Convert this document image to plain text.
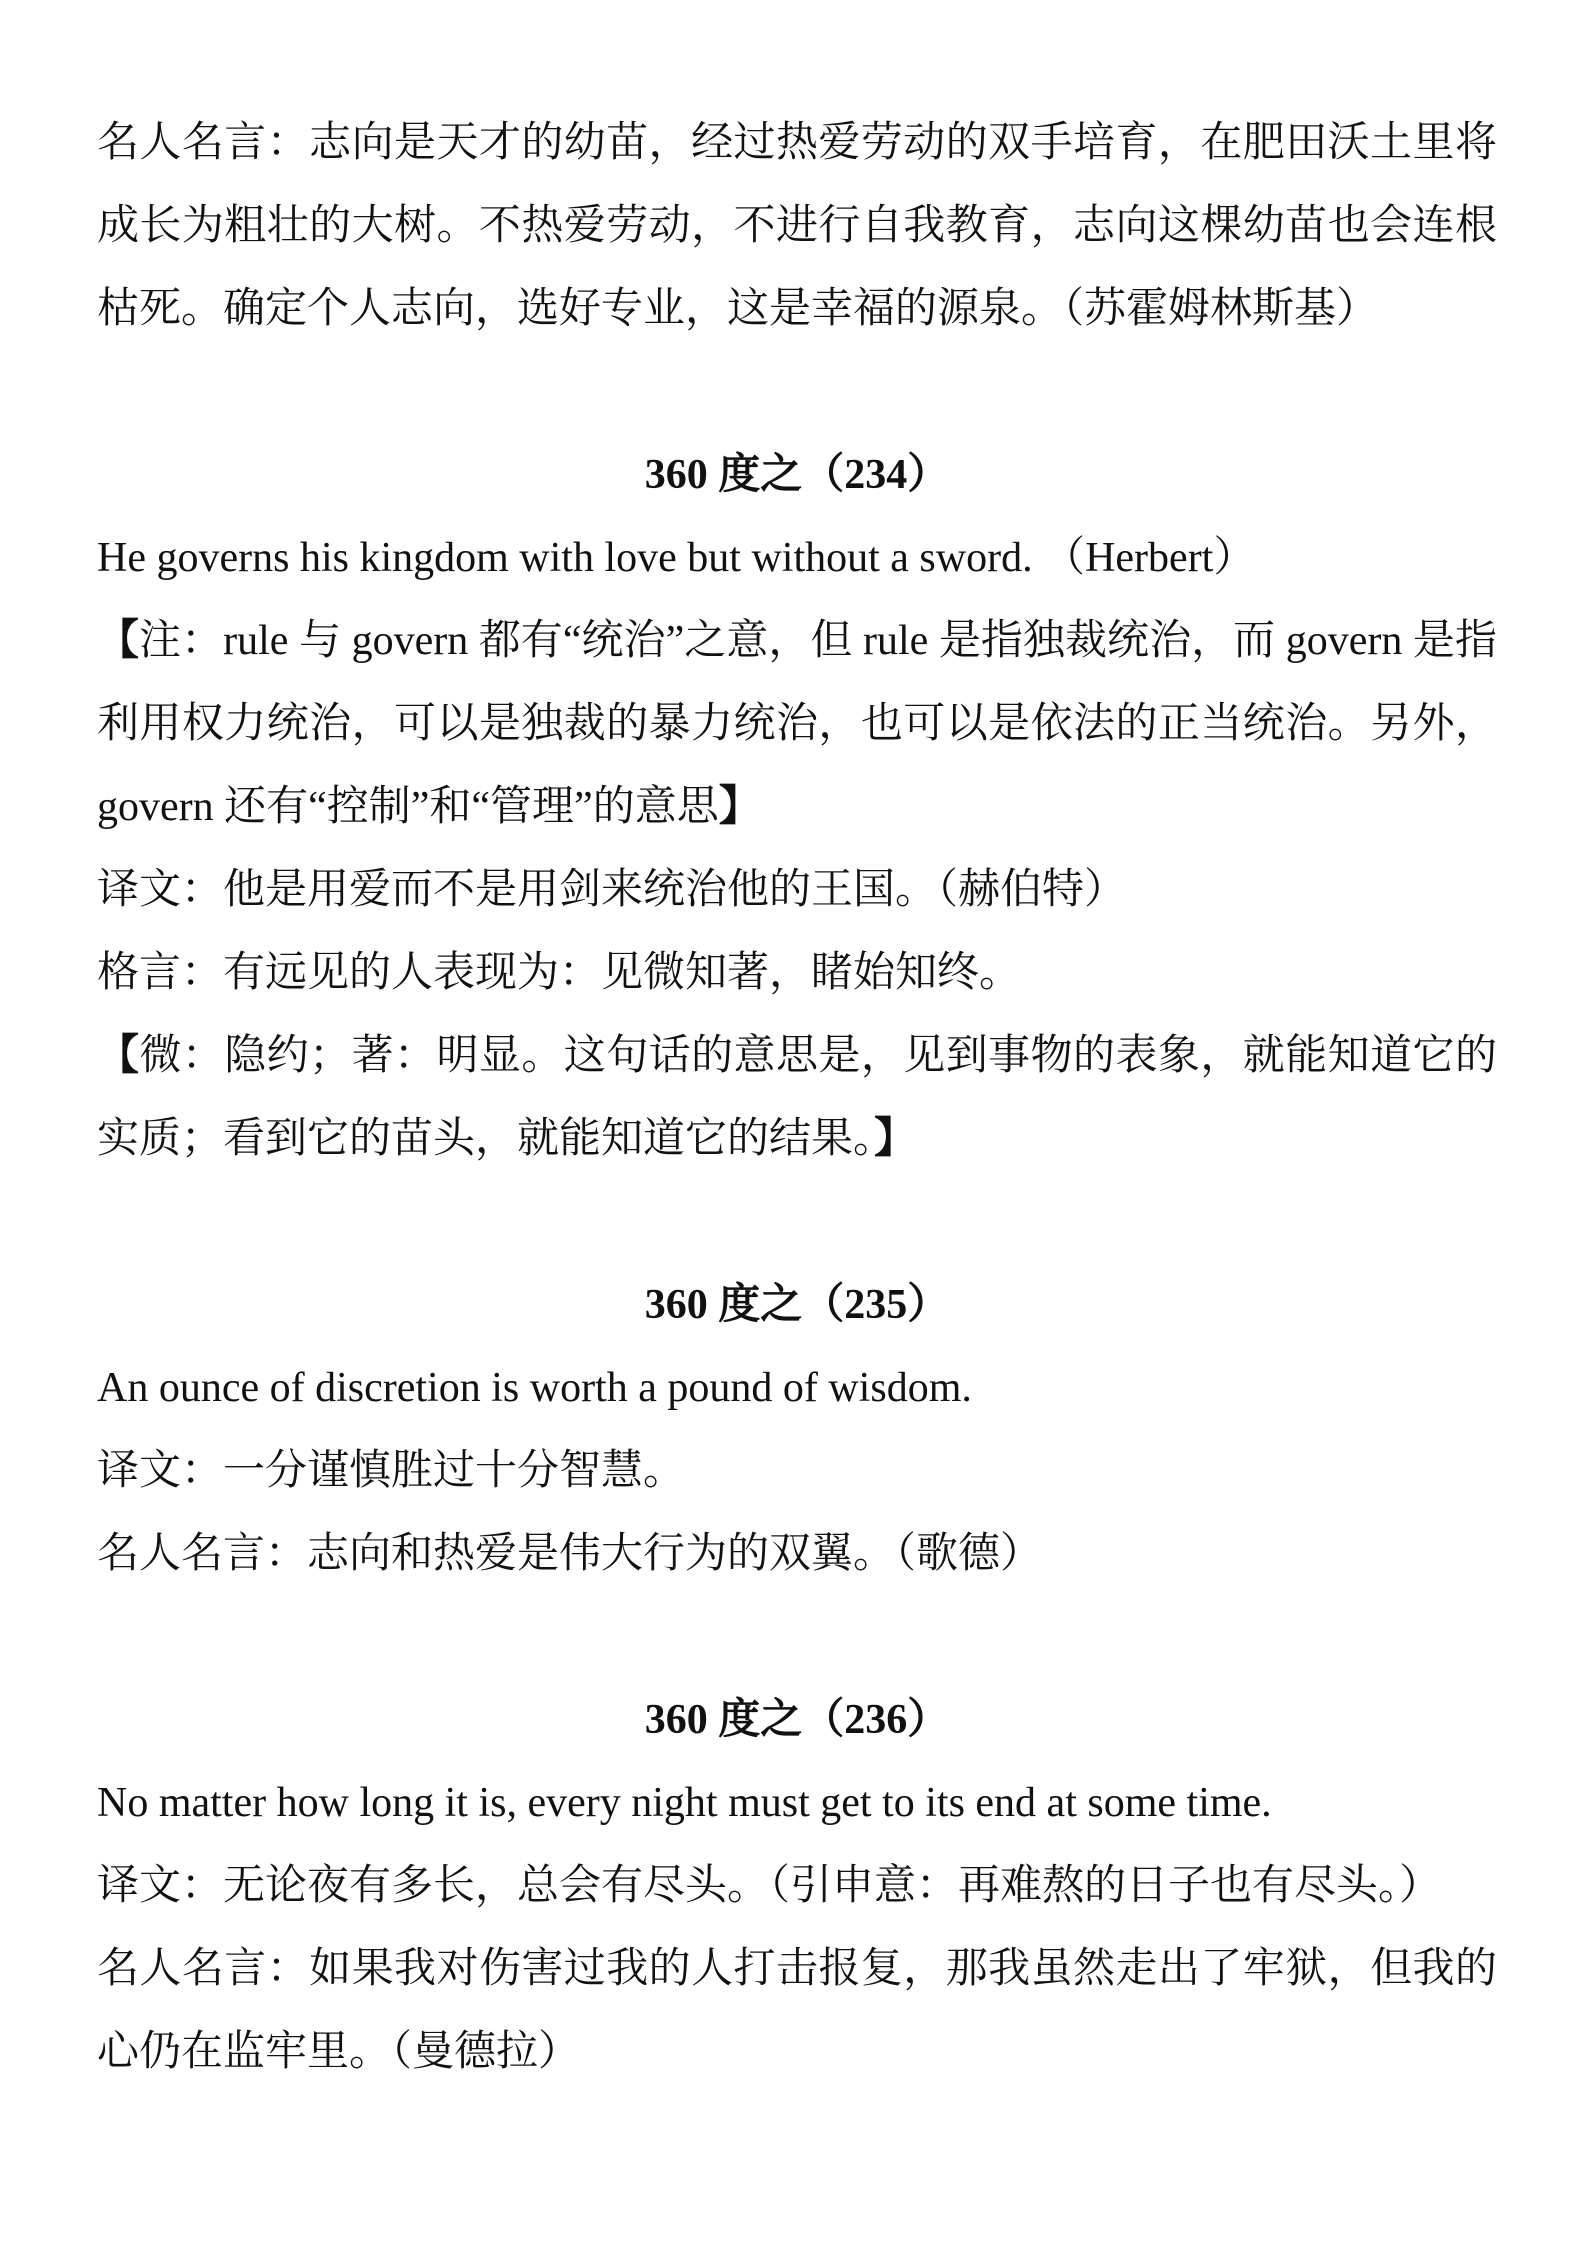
名人名言：志向是天才的幼苗，经过热爱劳动的双手培育，在肥田沃土里将成长为粗壮的大树。不热爱劳动，不进行自我教育，志向这棵幼苗也会连根枯死。确定个人志向，选好专业，这是幸福的源泉。（苏霍姆林斯基）

360 度之（234）

He governs his kingdom with love but without a sword. （Herbert）

【注：rule 与 govern 都有“统治”之意，但 rule 是指独裁统治，而 govern 是指利用权力统治，可以是独裁的暴力统治，也可以是依法的正当统治。另外，govern 还有“控制”和“管理”的意思】

译文：他是用爱而不是用剑来统治他的王国。（赫伯特）

格言：有远见的人表现为：见微知著，睹始知终。

【微：隐约；著：明显。这句话的意思是，见到事物的表象，就能知道它的实质；看到它的苗头，就能知道它的结果。】

360 度之（235）

An ounce of discretion is worth a pound of wisdom.

译文：一分谨慎胜过十分智慧。

名人名言：志向和热爱是伟大行为的双翼。（歌德）

360 度之（236）

No matter how long it is, every night must get to its end at some time.

译文：无论夜有多长，总会有尽头。（引申意：再难熬的日子也有尽头。）

名人名言：如果我对伤害过我的人打击报复，那我虽然走出了牢狱，但我的心仍在监牢里。（曼德拉）
